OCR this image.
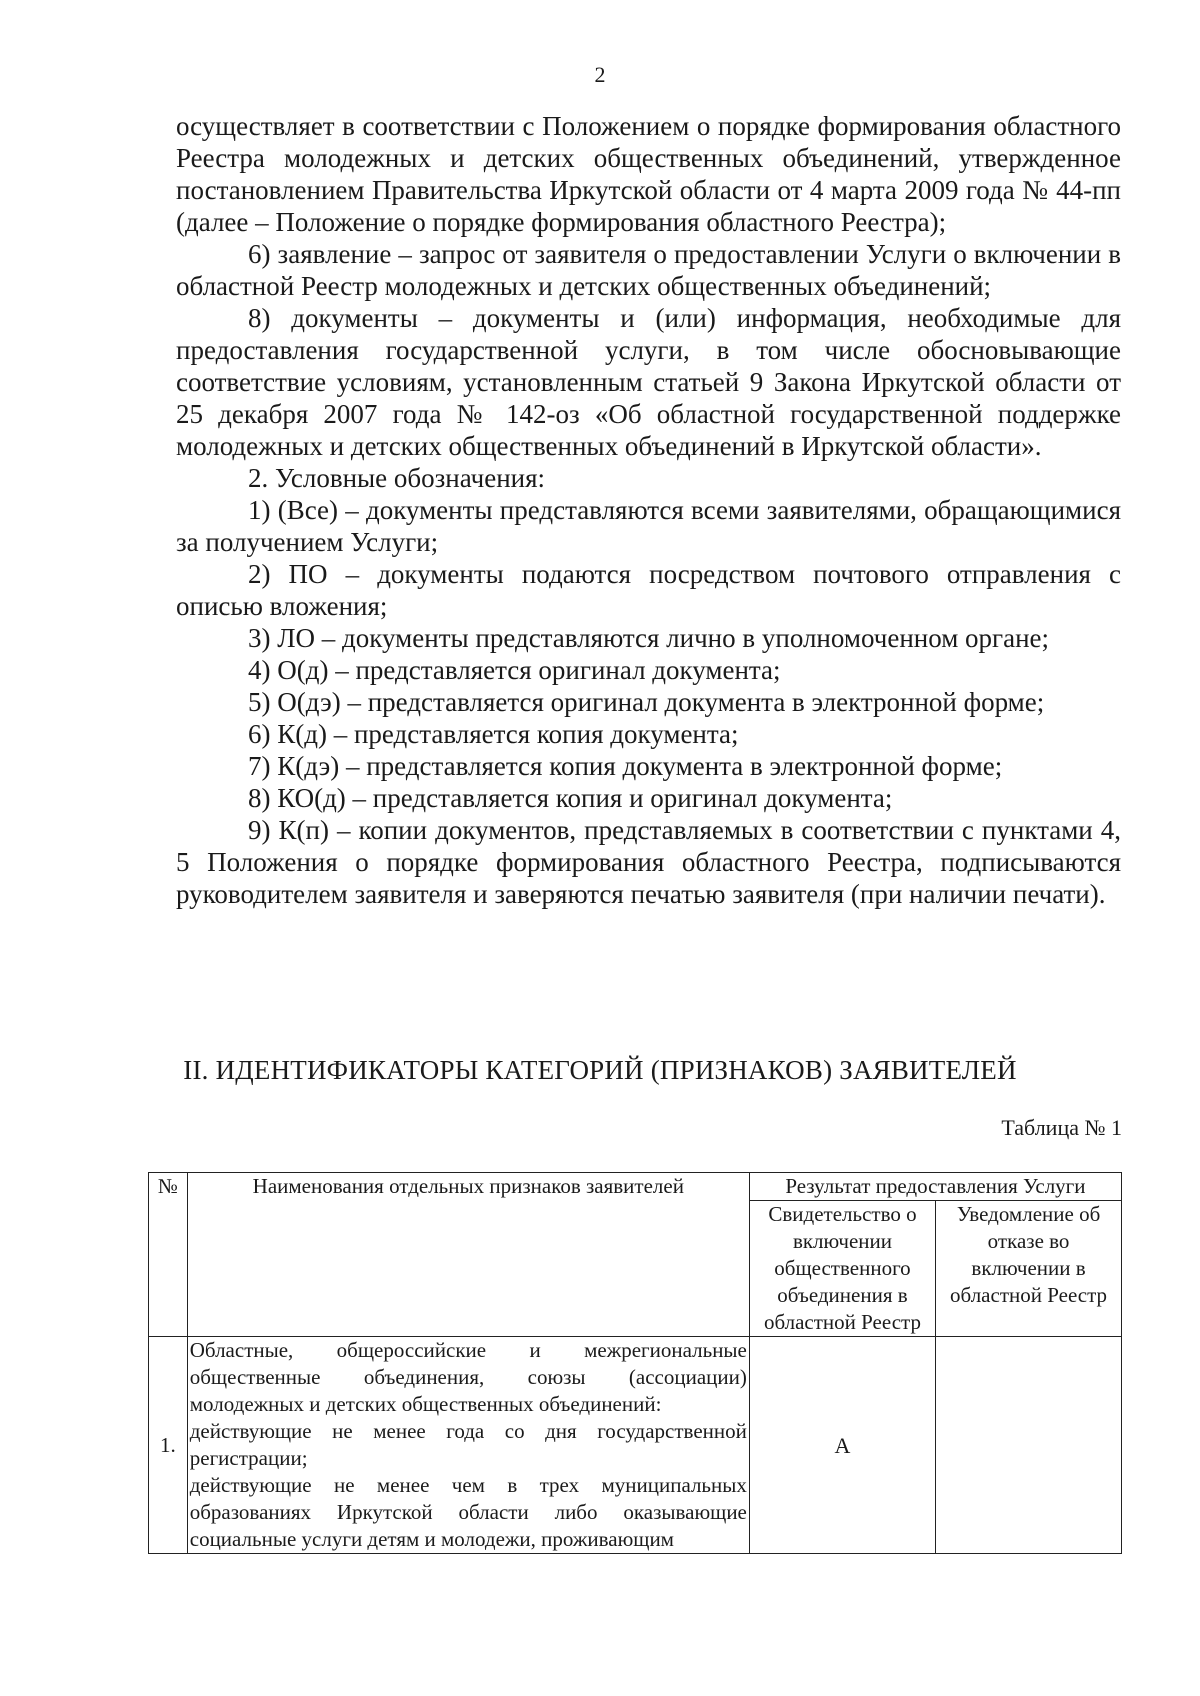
2

осуществляет в соответствии с Положением о порядке формирования областного Реестра молодежных и детских общественных объединений, утвержденное постановлением Правительства Иркутской области от 4 марта 2009 года № 44-пп (далее – Положение о порядке формирования областного Реестра);

6) заявление – запрос от заявителя о предоставлении Услуги о включении в областной Реестр молодежных и детских общественных объединений;

8) документы – документы и (или) информация, необходимые для предоставления государственной услуги, в том числе обосновывающие соответствие условиям, установленным статьей 9 Закона Иркутской области от 25 декабря 2007 года № 142-оз «Об областной государственной поддержке молодежных и детских общественных объединений в Иркутской области».

2. Условные обозначения:

1) (Все) – документы представляются всеми заявителями, обращающимися за получением Услуги;

2) ПО – документы подаются посредством почтового отправления с описью вложения;

3) ЛО – документы представляются лично в уполномоченном органе;

4) О(д) – представляется оригинал документа;

5) О(дэ) – представляется оригинал документа в электронной форме;

6) К(д) – представляется копия документа;

7) К(дэ) – представляется копия документа в электронной форме;

8) КО(д) – представляется копия и оригинал документа;

9) К(п) – копии документов, представляемых в соответствии с пунктами 4, 5 Положения о порядке формирования областного Реестра, подписываются руководителем заявителя и заверяются печатью заявителя (при наличии печати).

II. ИДЕНТИФИКАТОРЫ КАТЕГОРИЙ (ПРИЗНАКОВ) ЗАЯВИТЕЛЕЙ
Таблица № 1
№	Наименования отдельных признаков заявителей	Результат предоставления Услуги	
		Свидетельство о включении общественного объединения в областной Реестр	Уведомление об отказе во включении в областной Реестр
1.	Областные, общероссийские и межрегиональные общественные объединения, союзы (ассоциации) молодежных и детских общественных объединений:
действующие не менее года со дня государственной регистрации;
действующие не менее чем в трех муниципальных образованиях Иркутской области либо оказывающие социальные услуги детям и молодежи, проживающим	А	
